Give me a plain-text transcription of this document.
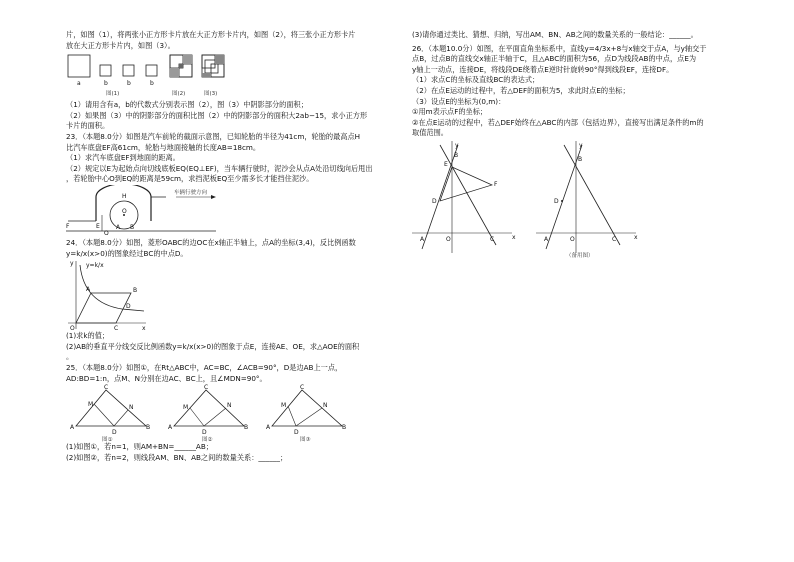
片，如图（1），将两张小正方形卡片放在大正方形卡片内，如图（2），将三张小正方形卡片

放在大正方形卡片内，如图（3）。

a	b	b	b
图(1)	图(2)	图(3)

（1）请用含有a，b的代数式分别表示图（2），图（3）中阴影部分的面积；

（2）如果图（3）中的阴影部分的面积比图（2）中的阴影部分的面积大2ab−15，求小正方形

卡片的面积。

23．（本题8.0分）如图是汽车前轮的截面示意图，已知轮胎的半径为41cm，轮胎的最高点H

比汽车底盘EF高61cm，轮胎与地面接触的长度AB=18cm。

（1）求汽车底盘EF到地面的距离。

（2）规定以E为起始点向切线底板EQ(EQ⊥EF)，当车辆行驶时，泥沙会从点A处沿切线向后甩出

，若轮胎中心O到EQ的距离是59cm，求挡泥板EQ至少需多长才能挡住泥沙。

车辆行驶方向
H
E
F
O
Q
A B

24．（本题8.0分）如图，菱形OABC的边OC在x轴正半轴上，点A的坐标(3,4)，反比例函数

y=k/x(x>0)的图象经过BC的中点D。

y y=k/x
A	B
D
O	C	x

(1)求k的值；

(2)AB的垂直平分线交反比例函数y=k/x(x>0)的图象于点E，连接AE、OE，求△AOE的面积

。

25．（本题8.0分）如图①，在Rt△ABC中，AC=BC，∠ACB=90°，D是边AB上一点，

AD:BD=1:n，点M、N分别在边AC、BC上，且∠MDN=90°。

C
M	N
A
D
B
图①
C
M	N
A
D
B
图②
C
M	N
A
D
B
图③

(1)如图①，若n=1，则AM+BN=______AB；

(2)如图②，若n=2，则线段AM、BN、AB之间的数量关系：______；

(3)请你通过类比、猜想、归纳，写出AM、BN、AB之间的数量关系的一般结论：______。

26．（本题10.0分）如图，在平面直角坐标系中，直线y=4/3x+8与x轴交于点A，与y轴交于

点B，过点B的直线交x轴正半轴于C，且△ABC的面积为56，点D为线段AB的中点，点E为

y轴上一动点，连接DE，将线段DE绕着点E逆时针旋转90°得到线段EF，连接DF。

（1）求点C的坐标及直线BC的表达式；

（2）在点E运动的过程中，若△DEF的面积为5，求此时点E的坐标；

（3）设点E的坐标为(0,m)：

①用m表示点F的坐标；

②在点E运动的过程中，若△DEF始终在△ABC的内部（包括边界），直接写出满足条件的m的

取值范围。

y
B
E
F
D
A	O	C	x
y
B
D
A	O	C	x
（备用图）
